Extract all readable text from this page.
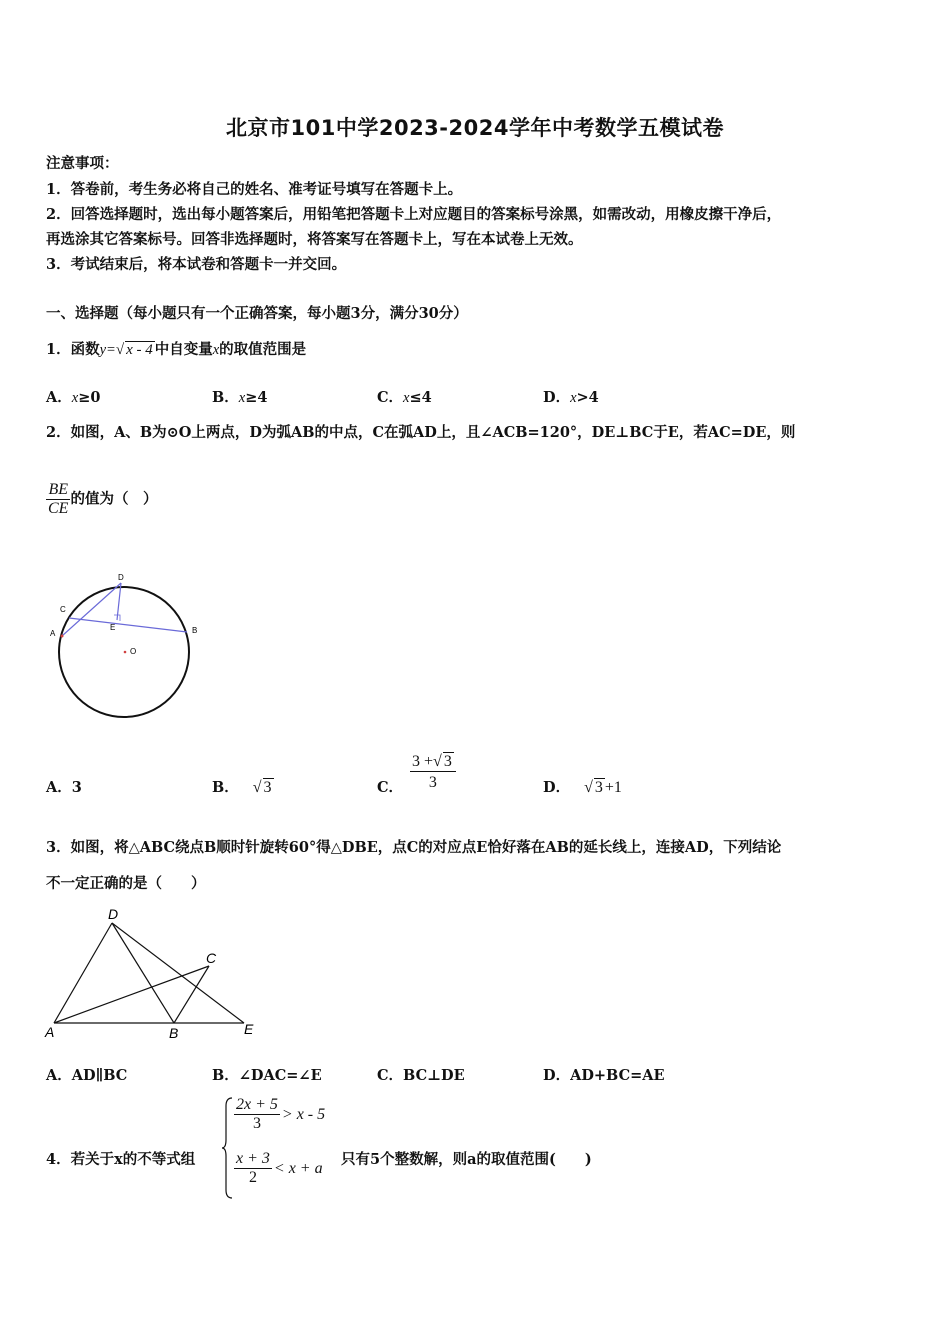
北京市101中学2023-2024学年中考数学五模试卷
注意事项：
1．答卷前，考生务必将自己的姓名、准考证号填写在答题卡上。
2．回答选择题时，选出每小题答案后，用铅笔把答题卡上对应题目的答案标号涂黑，如需改动，用橡皮擦干净后，
再选涂其它答案标号。回答非选择题时，将答案写在答题卡上，写在本试卷上无效。
3．考试结束后，将本试卷和答题卡一并交回。
一、选择题（每小题只有一个正确答案，每小题3分，满分30分）
1．函数y=√ x - 4 中自变量x的取值范围是
A．x≥0	B．x≥4	C．x≤4	D．x>4
2．如图，A、B为⊙O上两点，D为弧AB的中点，C在弧AD上，且∠ACB=120°，DE⊥BC于E，若AC=DE，则
$\frac{BE}{CE}$ 的值为（　）
A	B
C
D
E
O
A．3	B． √ 3	C． $\frac{3 +√ 3}{3}$	D． √ 3 +1
3．如图，将△ABC绕点B顺时针旋转60°得△DBE，点C的对应点E恰好落在AB的延长线上，连接AD，下列结论
不一定正确的是（　　）
A	B
C
D
E
A．AD∥BC	B．∠DAC=∠E	C．BC⊥DE	D．AD+BC=AE
4．若关于x的不等式组
$\frac{2x + 5}{3} > x - 5$
$\frac{x + 3}{2} < x + a$ 只有5个整数解，则a的取值范围(　　)
